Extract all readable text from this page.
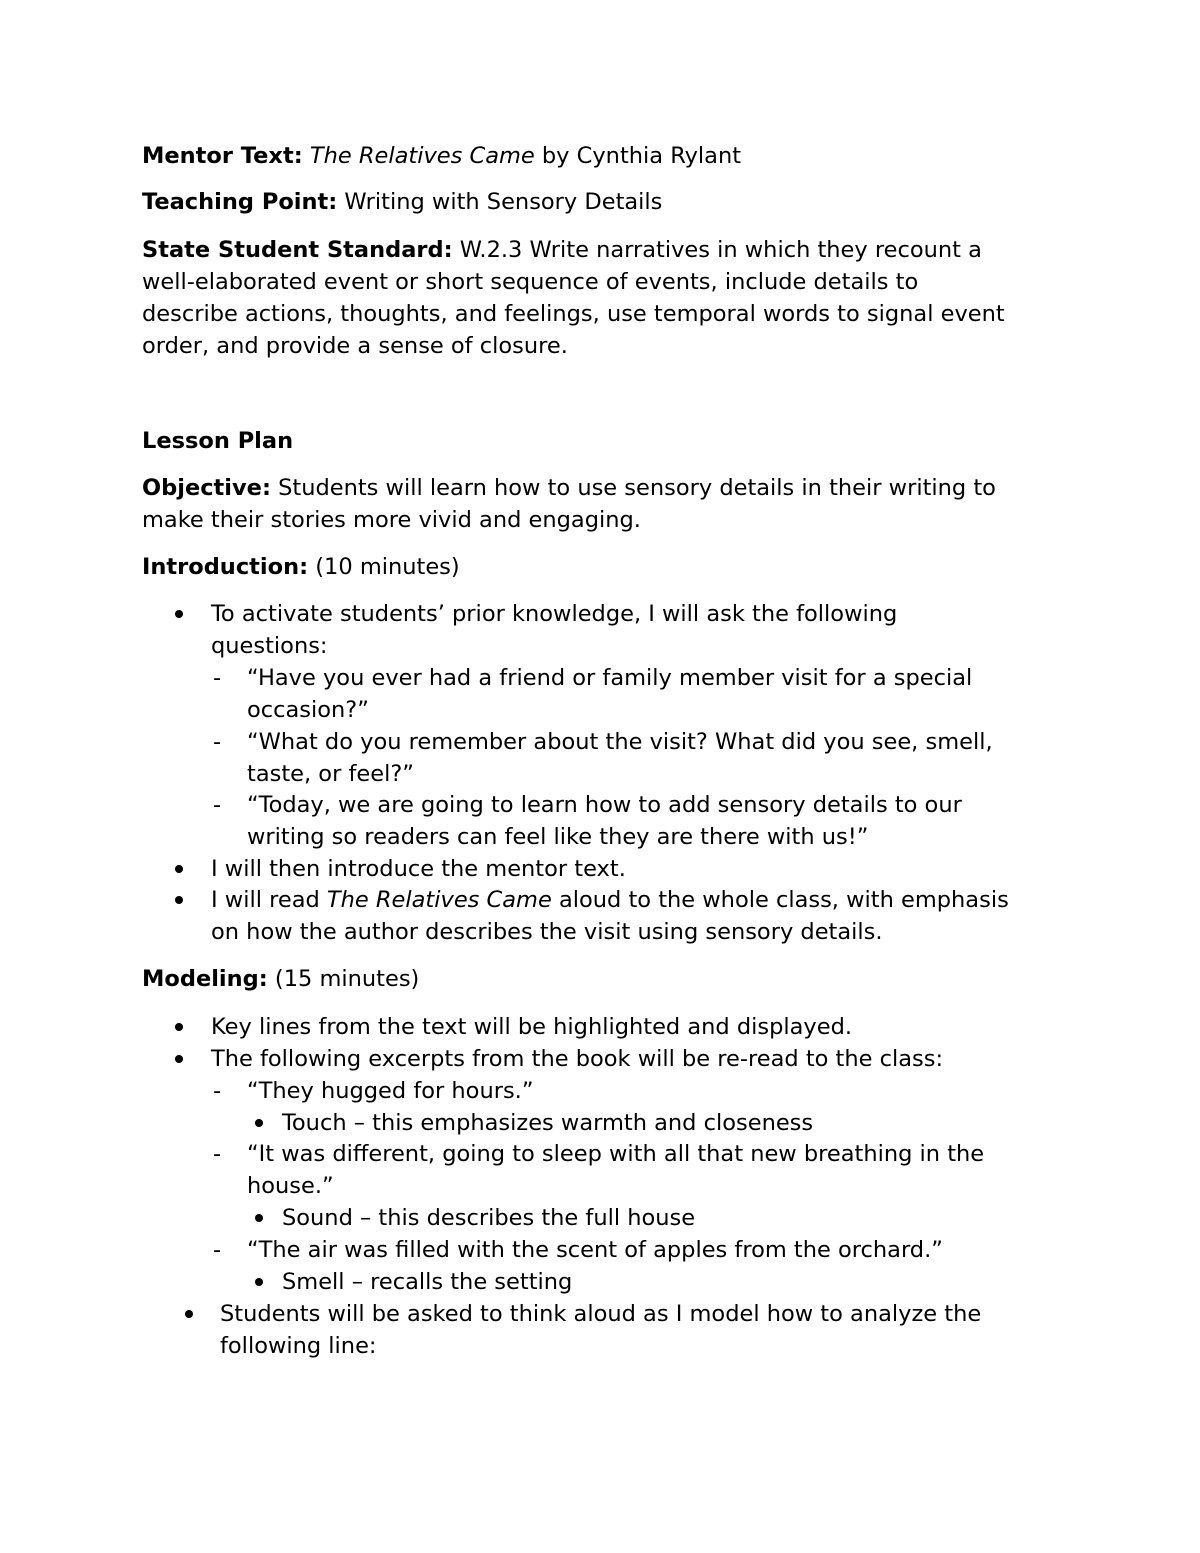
Mentor Text: The Relatives Came by Cynthia Rylant
Teaching Point: Writing with Sensory Details
State Student Standard: W.2.3 Write narratives in which they recount a
well-elaborated event or short sequence of events, include details to
describe actions, thoughts, and feelings, use temporal words to signal event
order, and provide a sense of closure.
Lesson Plan
Objective: Students will learn how to use sensory details in their writing to
make their stories more vivid and engaging.
Introduction: (10 minutes)
To activate students’ prior knowledge, I will ask the following
questions:
- “Have you ever had a friend or family member visit for a special
occasion?”
- “What do you remember about the visit? What did you see, smell,
taste, or feel?”
- “Today, we are going to learn how to add sensory details to our
writing so readers can feel like they are there with us!”
I will then introduce the mentor text.
I will read The Relatives Came aloud to the whole class, with emphasis
on how the author describes the visit using sensory details.
Modeling: (15 minutes)
Key lines from the text will be highlighted and displayed.
The following excerpts from the book will be re-read to the class:
- “They hugged for hours.”
Touch – this emphasizes warmth and closeness
- “It was different, going to sleep with all that new breathing in the
house.”
Sound – this describes the full house
- “The air was filled with the scent of apples from the orchard.”
Smell – recalls the setting
Students will be asked to think aloud as I model how to analyze the
following line:
